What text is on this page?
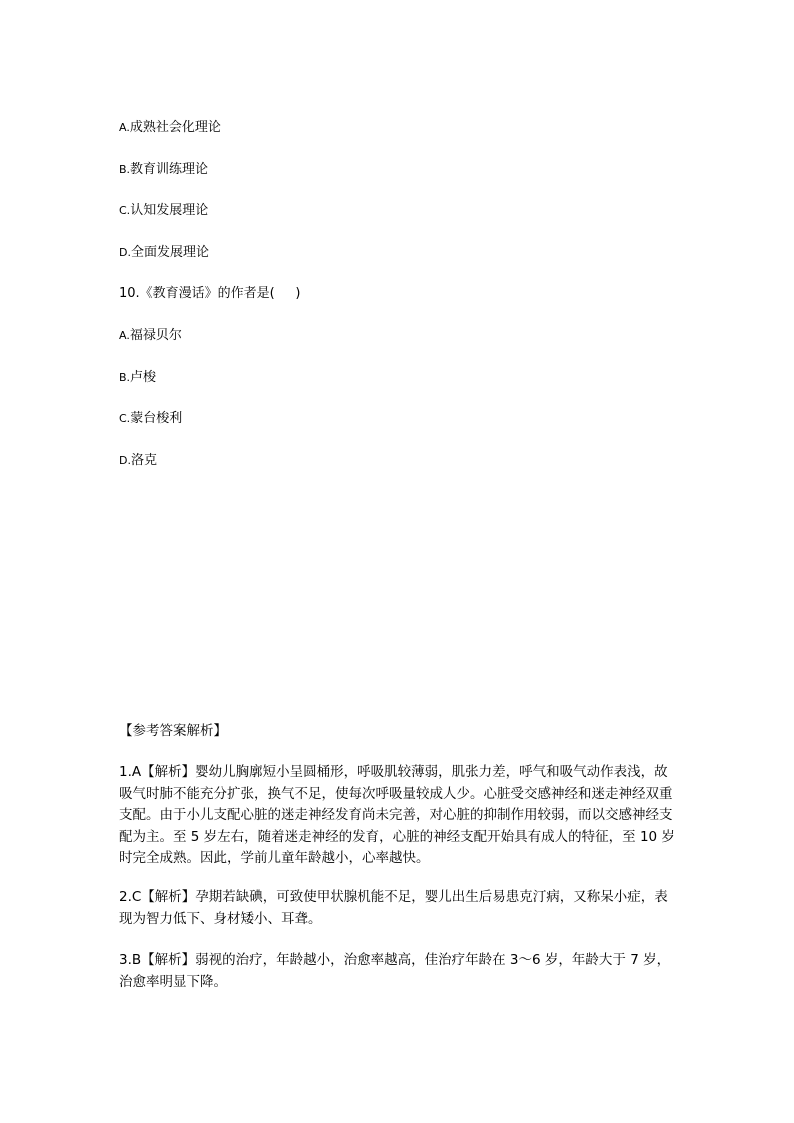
A.成熟社会化理论
B.教育训练理论
C.认知发展理论
D.全面发展理论
10.《教育漫话》的作者是(     )
A.福禄贝尔
B.卢梭
C.蒙台梭利
D.洛克
【参考答案解析】
1.A【解析】婴幼儿胸廓短小呈圆桶形，呼吸肌较薄弱，肌张力差，呼气和吸气动作表浅，故吸气时肺不能充分扩张，换气不足，使每次呼吸量较成人少。心脏受交感神经和迷走神经双重支配。由于小儿支配心脏的迷走神经发育尚未完善，对心脏的抑制作用较弱，而以交感神经支配为主。至 5 岁左右，随着迷走神经的发育，心脏的神经支配开始具有成人的特征，至 10 岁时完全成熟。因此，学前儿童年龄越小，心率越快。
2.C【解析】孕期若缺碘，可致使甲状腺机能不足，婴儿出生后易患克汀病，又称呆小症，表现为智力低下、身材矮小、耳聋。
3.B【解析】弱视的治疗，年龄越小，治愈率越高，佳治疗年龄在 3～6 岁，年龄大于 7 岁，治愈率明显下降。
